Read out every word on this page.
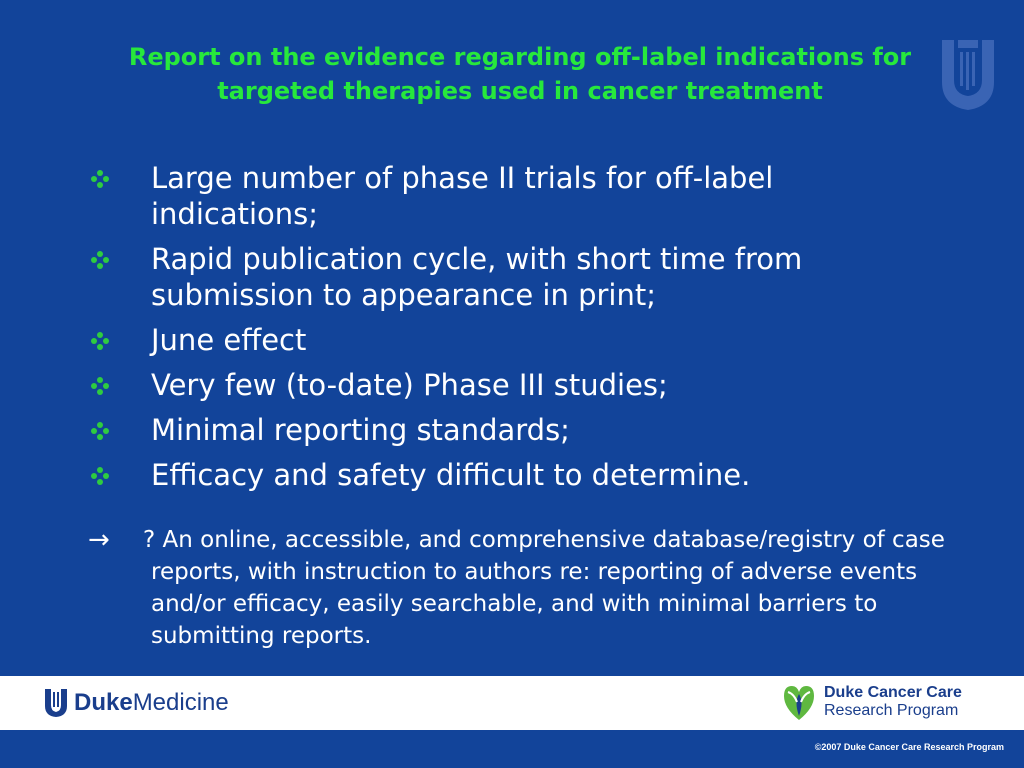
Report on the evidence regarding off-label indications for
targeted therapies used in cancer treatment
Large number of phase II trials for off-label indications;
Rapid publication cycle, with short time from submission to appearance in print;
June effect
Very few (to-date) Phase III studies;
Minimal reporting standards;
Efficacy and safety difficult to determine.
→	? An online, accessible, and comprehensive database/registry of case reports, with instruction to authors re: reporting of adverse events and/or efficacy, easily searchable, and with minimal barriers to submitting reports.
Duke Medicine	Duke Cancer Care
Research Program
©2007 Duke Cancer Care Research Program
